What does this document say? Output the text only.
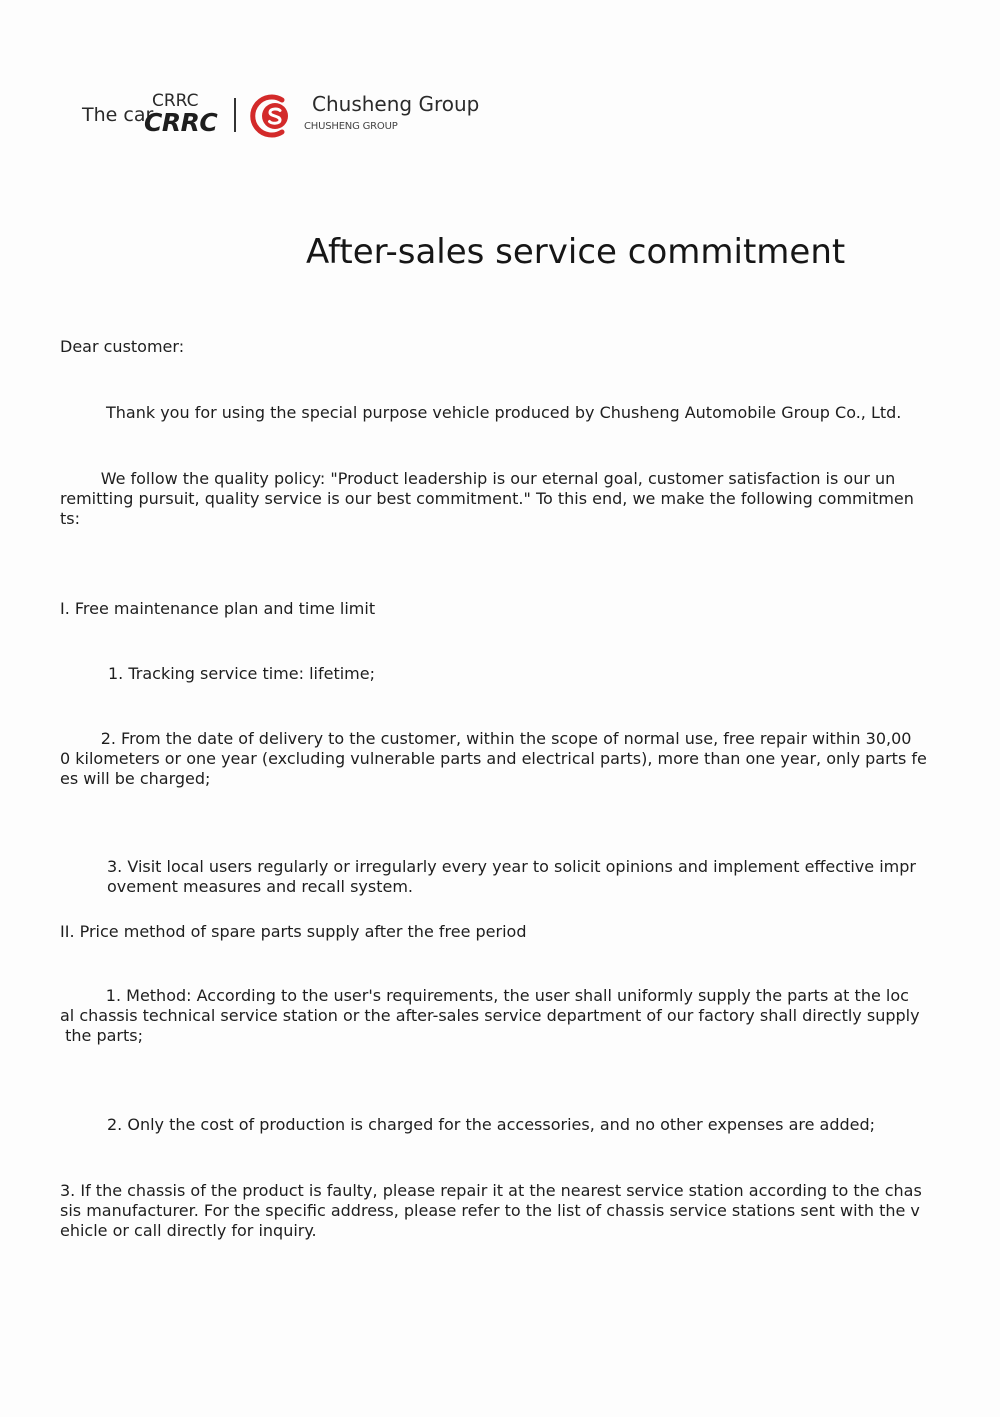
The car
CRRC
CRRC
Chusheng Group
CHUSHENG GROUP
After-sales service commitment

Dear customer:

Thank you for using the special purpose vehicle produced by Chusheng Automobile Group Co., Ltd.

We follow the quality policy: "Product leadership is our eternal goal, customer satisfaction is our un
remitting pursuit, quality service is our best commitment." To this end, we make the following commitmen
ts:

I. Free maintenance plan and time limit

1. Tracking service time: lifetime;

2. From the date of delivery to the customer, within the scope of normal use, free repair within 30,00
0 kilometers or one year (excluding vulnerable parts and electrical parts), more than one year, only parts fe
es will be charged;

3. Visit local users regularly or irregularly every year to solicit opinions and implement effective impr
ovement measures and recall system.

II. Price method of spare parts supply after the free period

1. Method: According to the user's requirements, the user shall uniformly supply the parts at the loc
al chassis technical service station or the after-sales service department of our factory shall directly supply
the parts;

2. Only the cost of production is charged for the accessories, and no other expenses are added;

3. If the chassis of the product is faulty, please repair it at the nearest service station according to the chas
sis manufacturer. For the specific address, please refer to the list of chassis service stations sent with the v
ehicle or call directly for inquiry.
